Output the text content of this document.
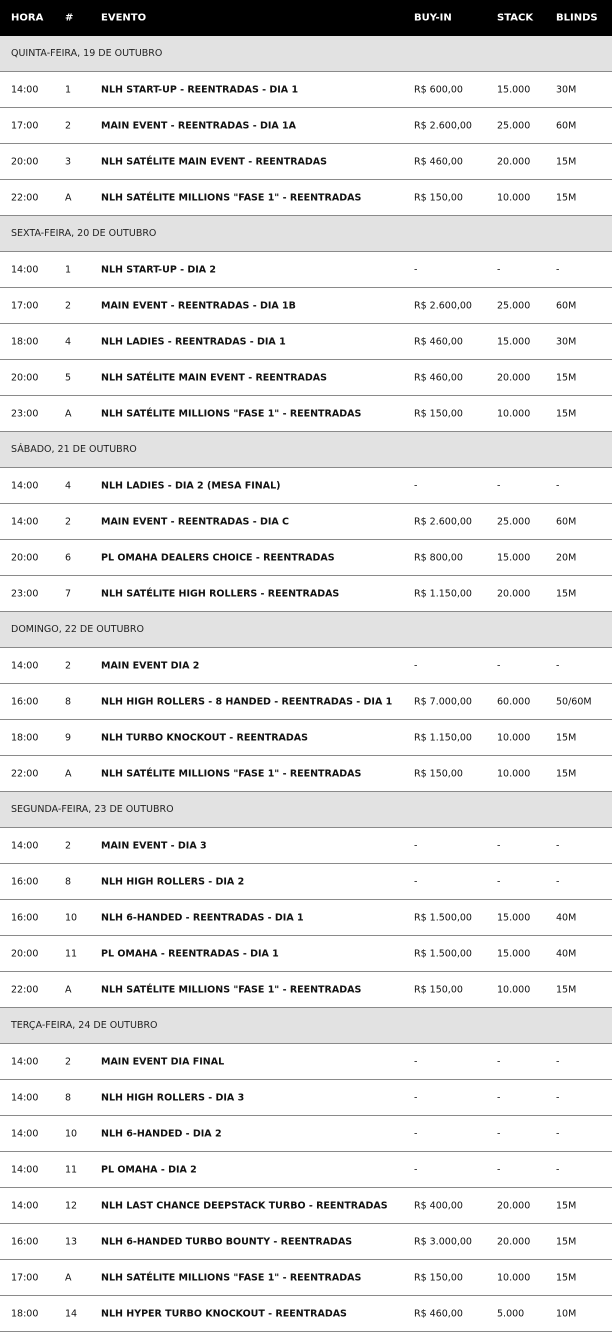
HORA #	EVENTO	BUY-IN	STACK BLINDS
QUINTA-FEIRA, 19 DE OUTUBRO
14:00	1	NLH START-UP - REENTRADAS - DIA 1	R$ 600,00	15.000	30M
17:00	2	MAIN EVENT - REENTRADAS - DIA 1A	R$ 2.600,00	25.000	60M
20:00	3	NLH SATÉLITE MAIN EVENT - REENTRADAS	R$ 460,00	20.000	15M
22:00	A	NLH SATÉLITE MILLIONS "FASE 1" - REENTRADAS	R$ 150,00	10.000	15M
SEXTA-FEIRA, 20 DE OUTUBRO
14:00	1	NLH START-UP - DIA 2	-	-	-
17:00	2	MAIN EVENT - REENTRADAS - DIA 1B	R$ 2.600,00	25.000	60M
18:00	4	NLH LADIES - REENTRADAS - DIA 1	R$ 460,00	15.000	30M
20:00	5	NLH SATÉLITE MAIN EVENT - REENTRADAS	R$ 460,00	20.000	15M
23:00	A	NLH SATÉLITE MILLIONS "FASE 1" - REENTRADAS	R$ 150,00	10.000	15M
SÁBADO, 21 DE OUTUBRO
14:00	4	NLH LADIES - DIA 2 (MESA FINAL)	-	-	-
14:00	2	MAIN EVENT - REENTRADAS - DIA C	R$ 2.600,00	25.000	60M
20:00	6	PL OMAHA DEALERS CHOICE - REENTRADAS	R$ 800,00	15.000	20M
23:00	7	NLH SATÉLITE HIGH ROLLERS - REENTRADAS	R$ 1.150,00	20.000	15M
DOMINGO, 22 DE OUTUBRO
14:00	2	MAIN EVENT DIA 2	-	-	-
16:00	8	NLH HIGH ROLLERS - 8 HANDED - REENTRADAS - DIA 1 R$ 7.000,00	60.000	50/60M
18:00	9	NLH TURBO KNOCKOUT - REENTRADAS	R$ 1.150,00	10.000	15M
22:00	A	NLH SATÉLITE MILLIONS "FASE 1" - REENTRADAS	R$ 150,00	10.000	15M
SEGUNDA-FEIRA, 23 DE OUTUBRO
14:00	2	MAIN EVENT - DIA 3	-	-	-
16:00	8	NLH HIGH ROLLERS - DIA 2	-	-	-
16:00	10	NLH 6-HANDED - REENTRADAS - DIA 1	R$ 1.500,00	15.000	40M
20:00	11	PL OMAHA - REENTRADAS - DIA 1	R$ 1.500,00	15.000	40M
22:00	A	NLH SATÉLITE MILLIONS "FASE 1" - REENTRADAS	R$ 150,00	10.000	15M
TERÇA-FEIRA, 24 DE OUTUBRO
14:00	2	MAIN EVENT DIA FINAL	-	-	-
14:00	8	NLH HIGH ROLLERS - DIA 3	-	-	-
14:00	10	NLH 6-HANDED - DIA 2	-	-	-
14:00	11	PL OMAHA - DIA 2	-	-	-
14:00	12	NLH LAST CHANCE DEEPSTACK TURBO - REENTRADAS	R$ 400,00	20.000	15M
16:00	13	NLH 6-HANDED TURBO BOUNTY - REENTRADAS	R$ 3.000,00	20.000	15M
17:00	A	NLH SATÉLITE MILLIONS "FASE 1" - REENTRADAS	R$ 150,00	10.000	15M
18:00	14	NLH HYPER TURBO KNOCKOUT - REENTRADAS	R$ 460,00	5.000	10M
